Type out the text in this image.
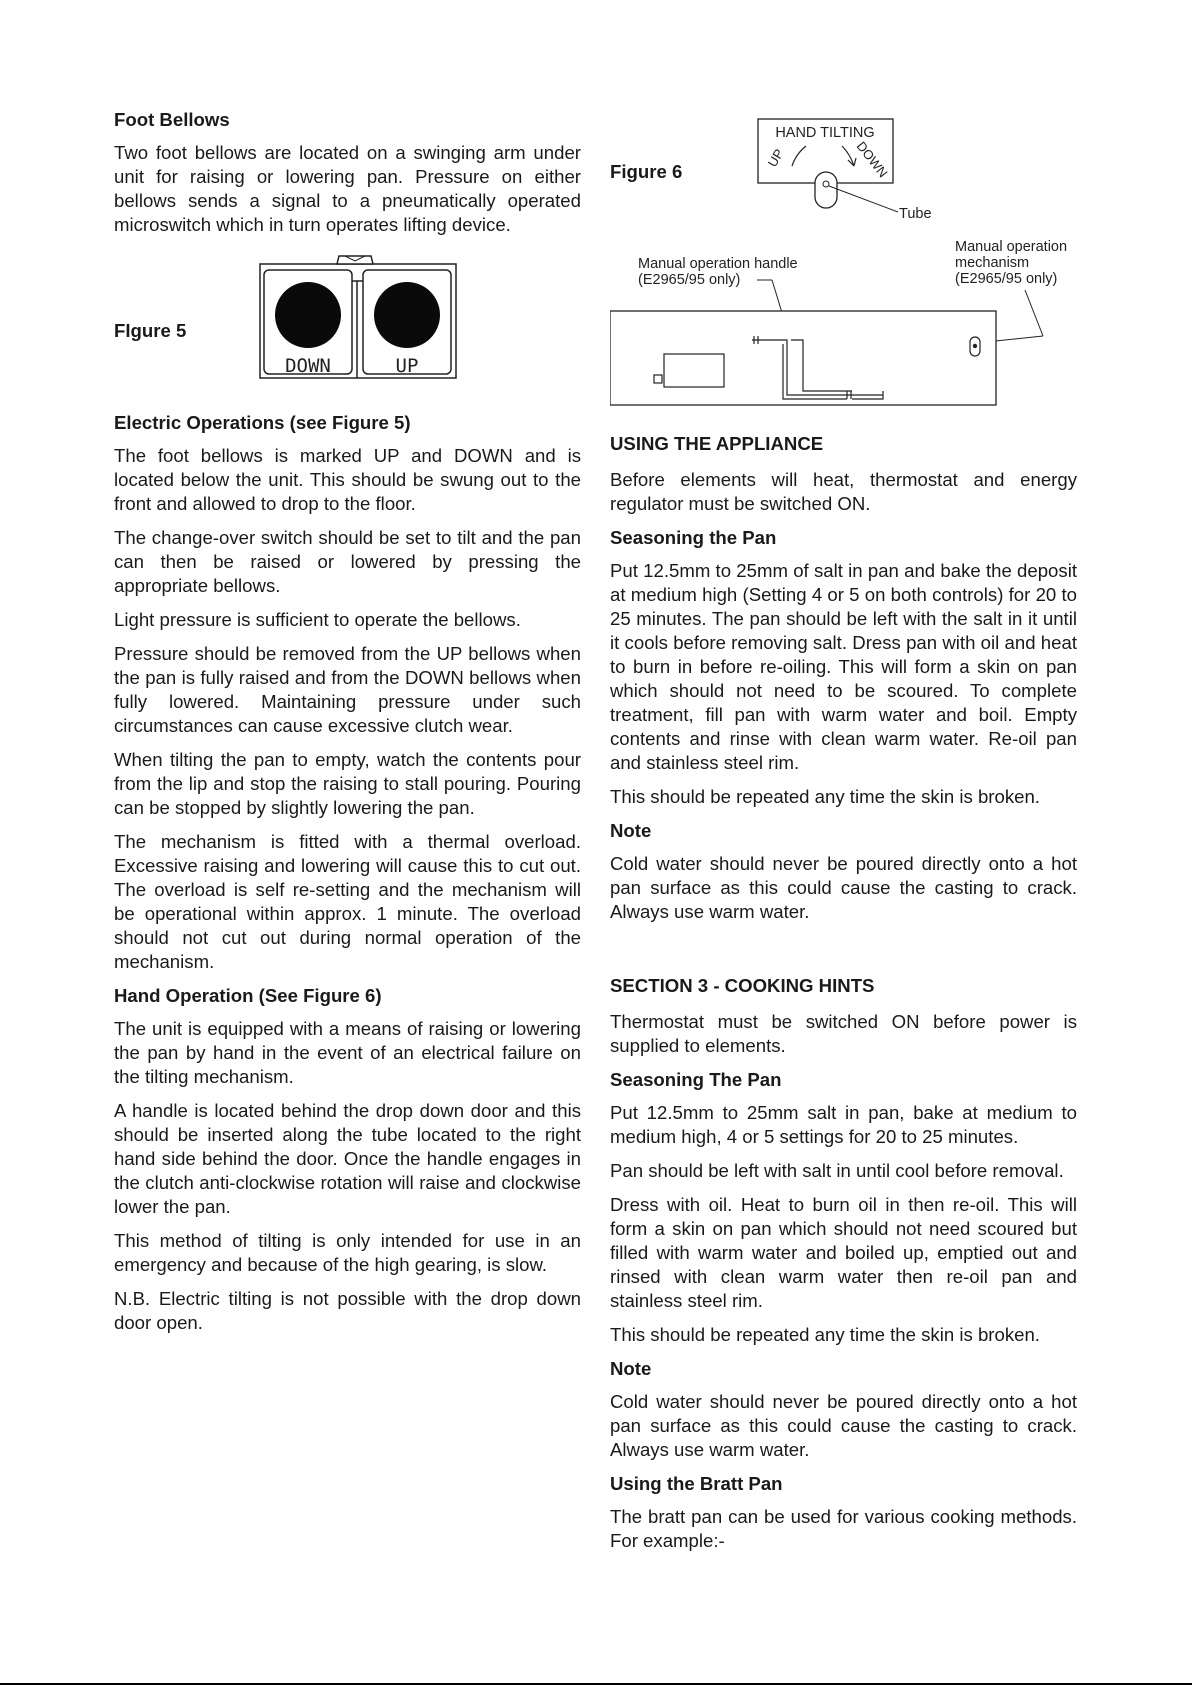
Foot Bellows

Two foot bellows are located on a swinging arm under unit for raising or lowering pan. Pressure on either bellows sends a signal to a pneumatically operated microswitch which in turn operates lifting device.

FIgure 5
DOWN	UP
Electric Operations (see Figure 5)

The foot bellows is marked UP and DOWN and is located below the unit. This should be swung out to the front and allowed to drop to the floor.

The change-over switch should be set to tilt and the pan can then be raised or lowered by pressing the appropriate bellows.

Light pressure is sufficient to operate the bellows.

Pressure should be removed from the UP bellows when the pan is fully raised and from the DOWN bellows when fully lowered. Maintaining pressure under such circumstances can cause excessive clutch wear.

When tilting the pan to empty, watch the contents pour from the lip and stop the raising to stall pouring. Pouring can be stopped by slightly lowering the pan.

The mechanism is fitted with a thermal overload. Excessive raising and lowering will cause this to cut out. The overload is self re-setting and the mechanism will be operational within approx. 1 minute. The overload should not cut out during normal operation of the mechanism.

Hand Operation (See Figure 6)

The unit is equipped with a means of raising or lowering the pan by hand in the event of an electrical failure on the tilting mechanism.

A handle is located behind the drop down door and this should be inserted along the tube located to the right hand side behind the door. Once the handle engages in the clutch anti-clockwise rotation will raise and clockwise lower the pan.

This method of tilting is only intended for use in an emergency and because of the high gearing, is slow.

N.B. Electric tilting is not possible with the drop down door open.

Figure 6
HAND TILTING
UP	DOWN
Tube
Manual operation handle
(E2965/95 only)
Manual operation
mechanism
(E2965/95 only)
USING THE APPLIANCE

Before elements will heat, thermostat and energy regulator must be switched ON.

Seasoning the Pan

Put 12.5mm to 25mm of salt in pan and bake the deposit at medium high (Setting 4 or 5 on both controls) for 20 to 25 minutes. The pan should be left with the salt in it until it cools before removing salt. Dress pan with oil and heat to burn in before re-oiling. This will form a skin on pan which should not need to be scoured. To complete treatment, fill pan with warm water and boil. Empty contents and rinse with clean warm water. Re-oil pan and stainless steel rim.

This should be repeated any time the skin is broken.

Note

Cold water should never be poured directly onto a hot pan surface as this could cause the casting to crack. Always use warm water.

SECTION 3 - COOKING HINTS

Thermostat must be switched ON before power is supplied to elements.

Seasoning The Pan

Put 12.5mm to 25mm salt in pan, bake at medium to medium high, 4 or 5 settings for 20 to 25 minutes.

Pan should be left with salt in until cool before removal.

Dress with oil. Heat to burn oil in then re-oil. This will form a skin on pan which should not need scoured but filled with warm water and boiled up, emptied out and rinsed with clean warm water then re-oil pan and stainless steel rim.

This should be repeated any time the skin is broken.

Note

Cold water should never be poured directly onto a hot pan surface as this could cause the casting to crack. Always use warm water.

Using the Bratt Pan

The bratt pan can be used for various cooking methods. For example:-
